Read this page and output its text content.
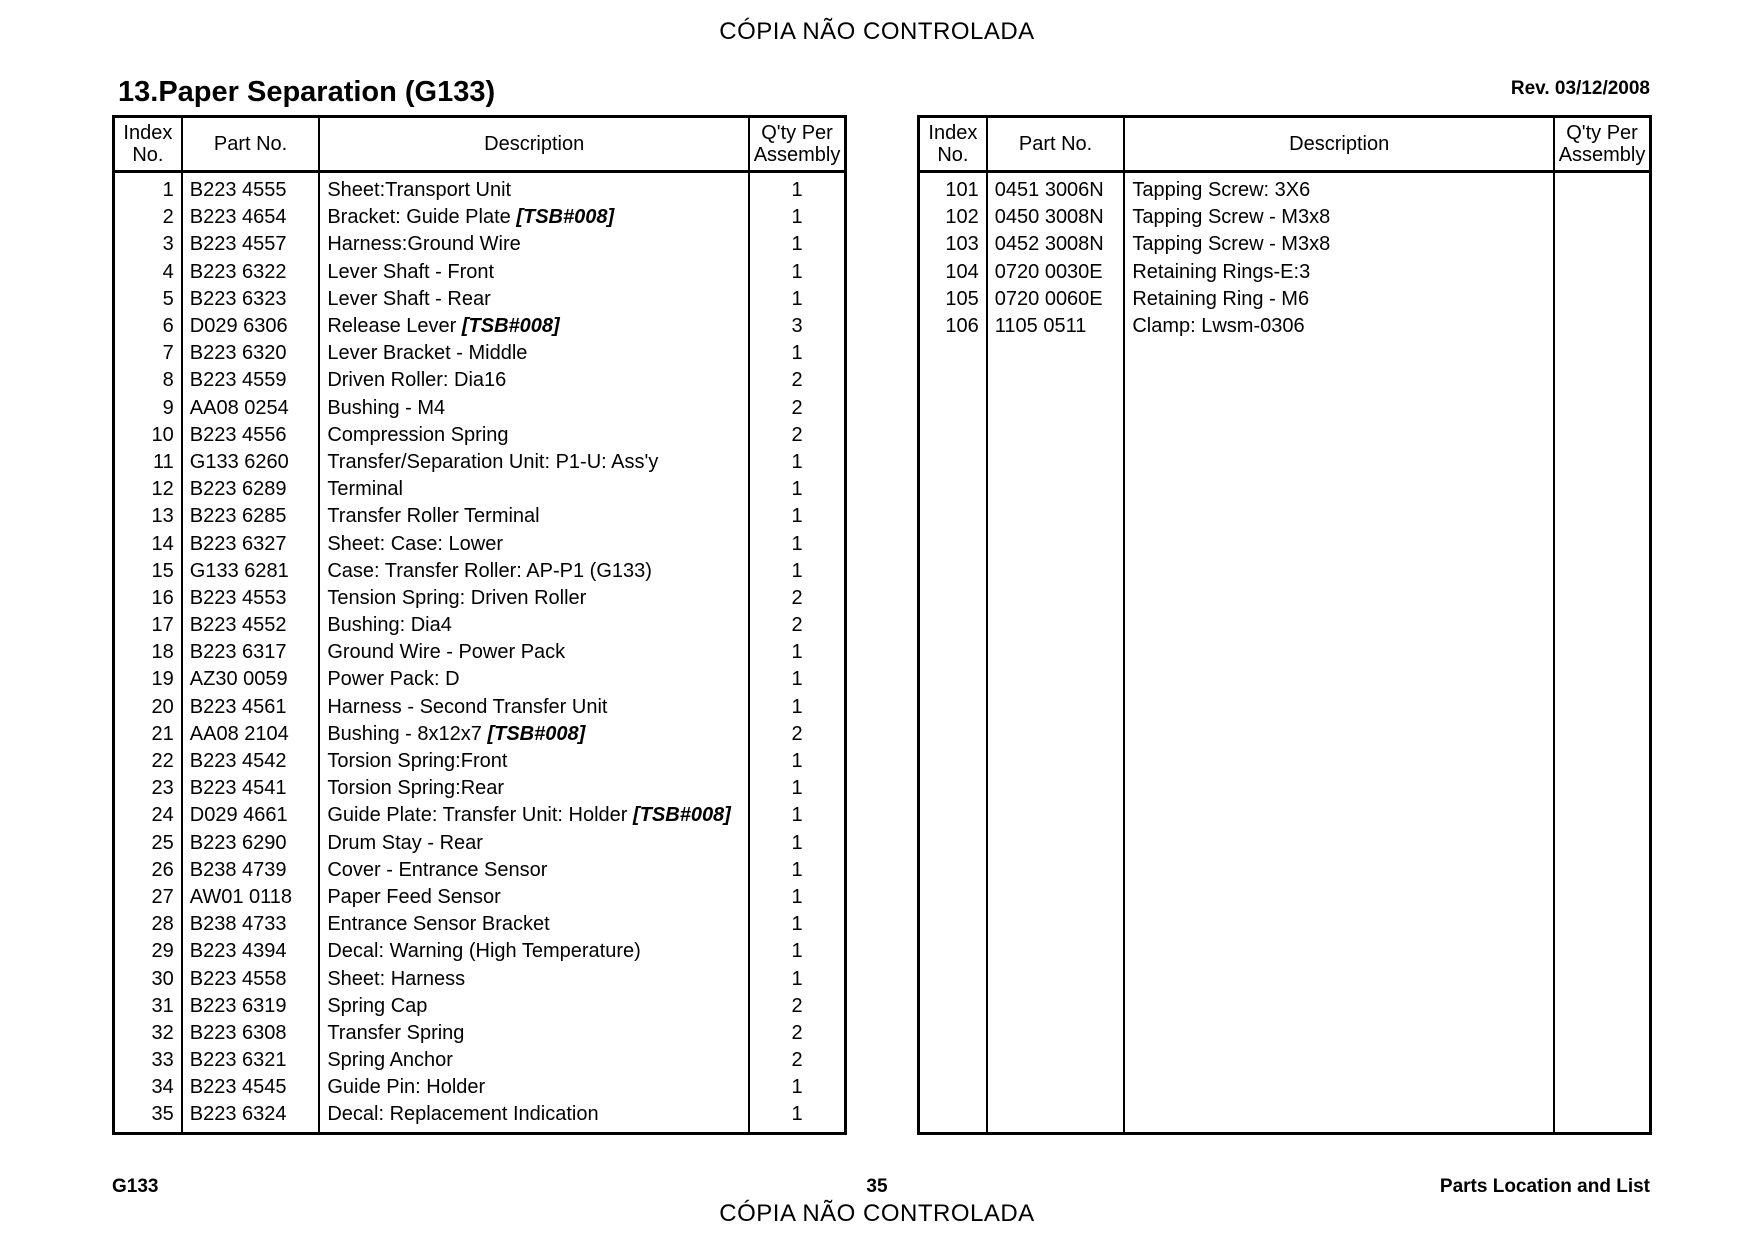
CÓPIA NÃO CONTROLADA
13.Paper Separation (G133)	Rev. 03/12/2008
Index
No.	Part No.	Description	Q'ty Per
Assembly
1	B223 4555	Sheet:Transport Unit	1
2	B223 4654	Bracket: Guide Plate [TSB#008]	1
3	B223 4557	Harness:Ground Wire	1
4	B223 6322	Lever Shaft - Front	1
5	B223 6323	Lever Shaft - Rear	1
6	D029 6306	Release Lever [TSB#008]	3
7	B223 6320	Lever Bracket - Middle	1
8	B223 4559	Driven Roller: Dia16	2
9	AA08 0254	Bushing - M4	2
10	B223 4556	Compression Spring	2
11	G133 6260	Transfer/Separation Unit: P1-U: Ass'y	1
12	B223 6289	Terminal	1
13	B223 6285	Transfer Roller Terminal	1
14	B223 6327	Sheet: Case: Lower	1
15	G133 6281	Case: Transfer Roller: AP-P1 (G133)	1
16	B223 4553	Tension Spring: Driven Roller	2
17	B223 4552	Bushing: Dia4	2
18	B223 6317	Ground Wire - Power Pack	1
19	AZ30 0059	Power Pack: D	1
20	B223 4561	Harness - Second Transfer Unit	1
21	AA08 2104	Bushing - 8x12x7 [TSB#008]	2
22	B223 4542	Torsion Spring:Front	1
23	B223 4541	Torsion Spring:Rear	1
24	D029 4661	Guide Plate: Transfer Unit: Holder [TSB#008]	1
25	B223 6290	Drum Stay - Rear	1
26	B238 4739	Cover - Entrance Sensor	1
27	AW01 0118	Paper Feed Sensor	1
28	B238 4733	Entrance Sensor Bracket	1
29	B223 4394	Decal: Warning (High Temperature)	1
30	B223 4558	Sheet: Harness	1
31	B223 6319	Spring Cap	2
32	B223 6308	Transfer Spring	2
33	B223 6321	Spring Anchor	2
34	B223 4545	Guide Pin: Holder	1
35	B223 6324	Decal: Replacement Indication	1
Index
No.	Part No.	Description	Q'ty Per
Assembly
101	0451 3006N	Tapping Screw: 3X6	
102	0450 3008N	Tapping Screw - M3x8	
103	0452 3008N	Tapping Screw - M3x8	
104	0720 0030E	Retaining Rings-E:3	
105	0720 0060E	Retaining Ring - M6	
106	1105 0511	Clamp: Lwsm-0306	

G133	35	Parts Location and List
CÓPIA NÃO CONTROLADA
